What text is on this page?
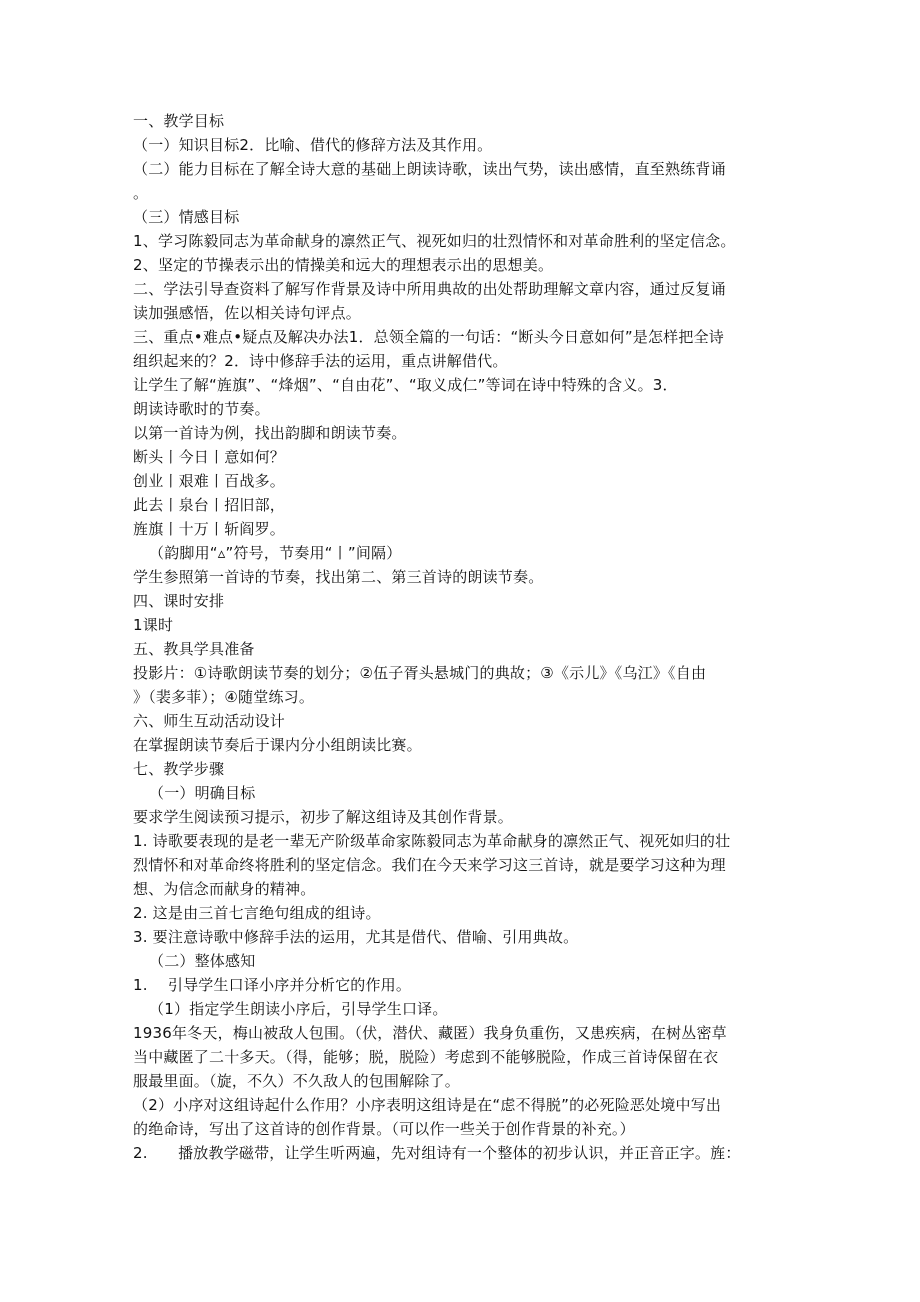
一、教学目标
（一）知识目标2．比喻、借代的修辞方法及其作用。
（二）能力目标在了解全诗大意的基础上朗读诗歌，读出气势，读出感情，直至熟练背诵
。
（三）情感目标
1、学习陈毅同志为革命献身的凛然正气、视死如归的壮烈情怀和对革命胜利的坚定信念。
2、坚定的节操表示出的情操美和远大的理想表示出的思想美。
二、学法引导查资料了解写作背景及诗中所用典故的出处帮助理解文章内容，通过反复诵
读加强感悟，佐以相关诗句评点。
三、重点•难点•疑点及解决办法1．总领全篇的一句话：“断头今日意如何”是怎样把全诗
组织起来的？2．诗中修辞手法的运用，重点讲解借代。
让学生了解“旌旗”、“烽烟”、“自由花”、“取义成仁”等词在诗中特殊的含义。3．
朗读诗歌时的节奏。
以第一首诗为例，找出韵脚和朗读节奏。
断头丨今日丨意如何？
创业丨艰难丨百战多。
此去丨泉台丨招旧部，
旌旗丨十万丨斩阎罗。
（韵脚用“▵”符号，节奏用“丨”间隔）
学生参照第一首诗的节奏，找出第二、第三首诗的朗读节奏。
四、课时安排
1课时
五、教具学具准备
投影片：①诗歌朗读节奏的划分；②伍子胥头悬城门的典故；③《示儿》《乌江》《自由
》（裴多菲）；④随堂练习。
六、师生互动活动设计
在掌握朗读节奏后于课内分小组朗读比赛。
七、教学步骤
（一）明确目标
要求学生阅读预习提示，初步了解这组诗及其创作背景。
1. 诗歌要表现的是老一辈无产阶级革命家陈毅同志为革命献身的凛然正气、视死如归的壮
烈情怀和对革命终将胜利的坚定信念。我们在今天来学习这三首诗，就是要学习这种为理
想、为信念而献身的精神。
2. 这是由三首七言绝句组成的组诗。
3. 要注意诗歌中修辞手法的运用，尤其是借代、借喻、引用典故。
（二）整体感知
1.　 引导学生口译小序并分析它的作用。
（1）指定学生朗读小序后，引导学生口译。
1936年冬天，梅山被敌人包围。（伏，潜伏、藏匿）我身负重伤，又患疾病，在树丛密草
当中藏匿了二十多天。（得，能够；脱，脱险）考虑到不能够脱险，作成三首诗保留在衣
服最里面。（旋，不久）不久敌人的包围解除了。
（2）小序对这组诗起什么作用？小序表明这组诗是在“虑不得脱”的必死险恶处境中写出
的绝命诗，写出了这首诗的创作背景。（可以作一些关于创作背景的补充。）
2.　　播放教学磁带，让学生听两遍，先对组诗有一个整体的初步认识，并正音正字。旌：
